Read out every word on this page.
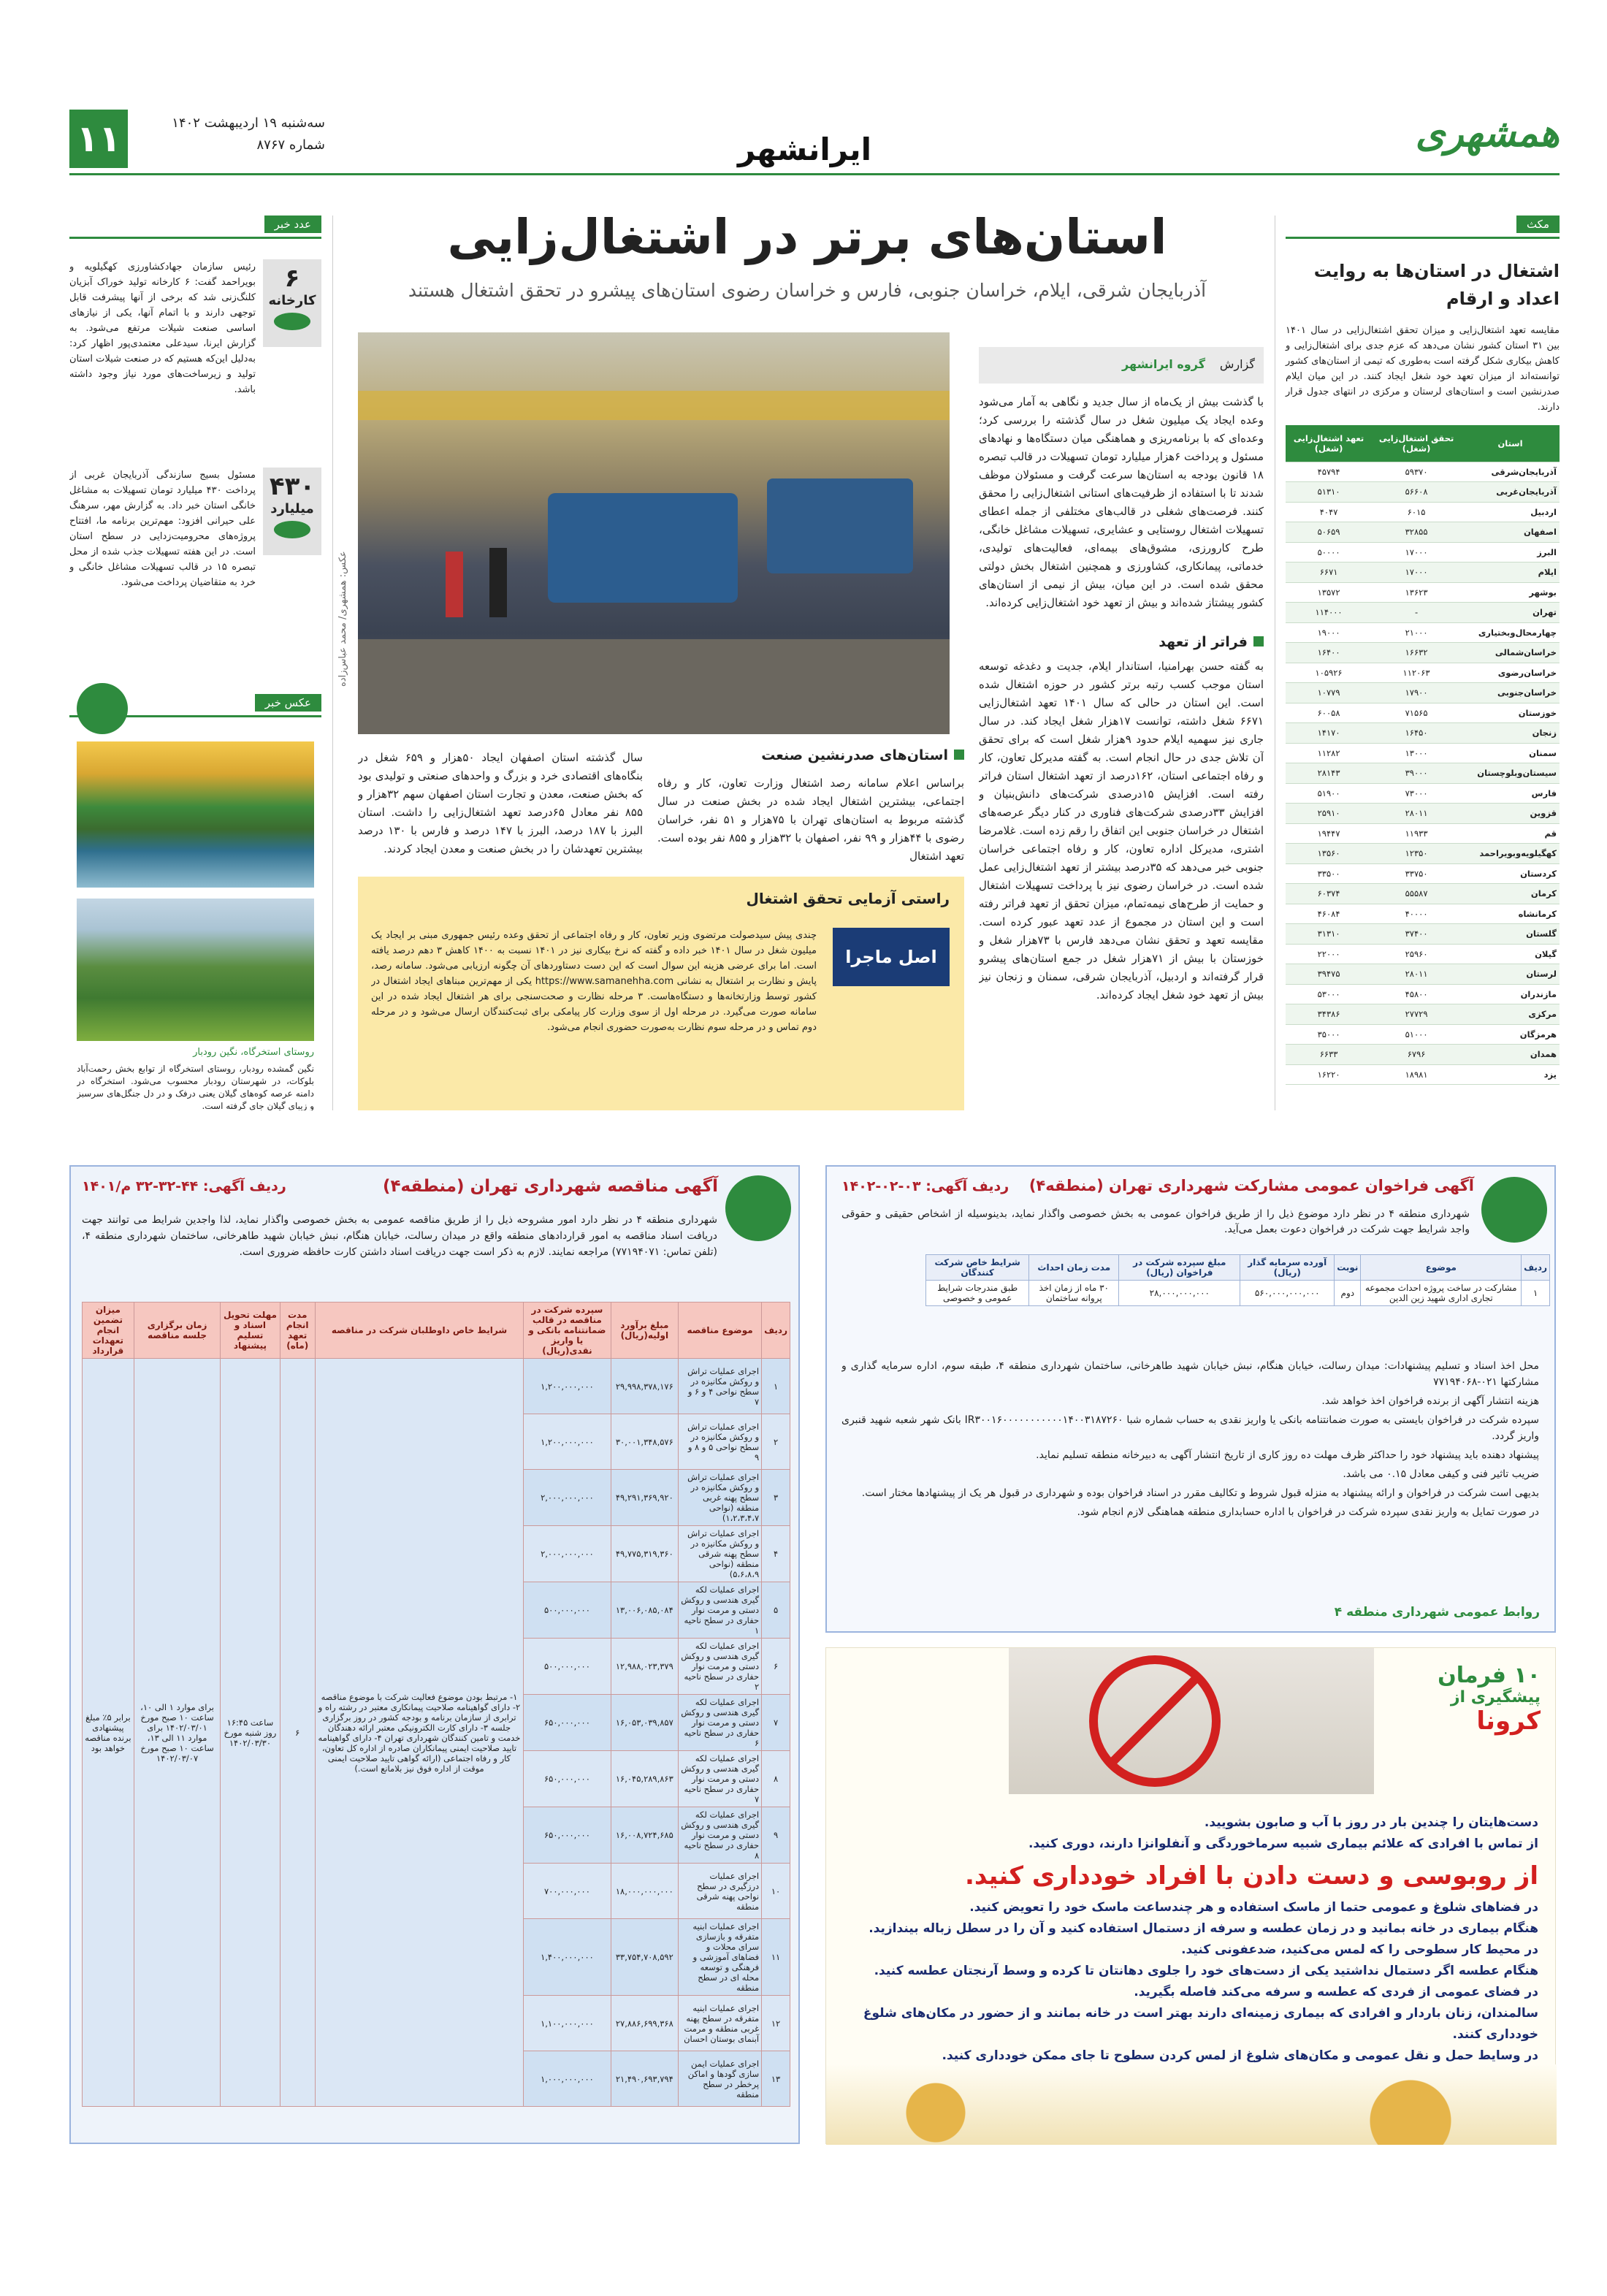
۱۱	سه‌شنبه ۱۹ اردیبهشت ۱۴۰۲
شماره ۸۷۶۷	همشهری
ایرانشهر
مکث
اشتغال در استان‌ها به روایت اعداد و ارقام
مقایسه تعهد اشتغال‌زایی و میزان تحقق اشتغال‌زایی در سال ۱۴۰۱ بین ۳۱ استان کشور نشان می‌دهد که عزم جدی برای اشتغال‌زایی و کاهش بیکاری شکل گرفته است به‌طوری که تیمی از استان‌های کشور توانسته‌اند از میزان تعهد خود شغل ایجاد کنند. در این میان ایلام صدرنشین است و استان‌های لرستان و مرکزی در انتهای جدول قرار دارند.
استان	تحقق اشتغال‌زایی (شغل)	تعهد اشتغال‌زایی (شغل)
آذربایجان‌شرقی	۵۹۳۷۰	۴۵۷۹۴
آذربایجان‌غربی	۵۶۶۰۸	۵۱۳۱۰
اردبیل	۶۰۱۵	۴۰۴۷
اصفهان	۳۲۸۵۵	۵۰۶۵۹
البرز	۱۷۰۰۰	۵۰۰۰۰
ایلام	۱۷۰۰۰	۶۶۷۱
بوشهر	۱۳۶۲۳	۱۳۵۷۲
تهران	-	۱۱۴۰۰۰
چهارمحال‌وبختیاری	۲۱۰۰۰	۱۹۰۰۰
خراسان‌شمالی	۱۶۶۳۲	۱۶۴۰۰
خراسان‌رضوی	۱۱۲۰۶۳	۱۰۵۹۲۶
خراسان‌جنوبی	۱۷۹۰۰	۱۰۷۷۹
خوزستان	۷۱۵۶۵	۶۰۰۵۸
زنجان	۱۶۴۵۰	۱۴۱۷۰
سمنان	۱۳۰۰۰	۱۱۲۸۲
سیستان‌وبلوچستان	۳۹۰۰۰	۲۸۱۴۳
فارس	۷۳۰۰۰	۵۱۹۰۰
قزوین	۲۸۰۱۱	۲۵۹۱۰
قم	۱۱۹۳۳	۱۹۴۴۷
کهگیلویه‌وبویراحمد	۱۲۳۵۰	۱۳۵۶۰
کردستان	۳۳۷۵۰	۳۳۵۰۰
کرمان	۵۵۵۸۷	۶۰۳۷۴
کرمانشاه	۴۰۰۰۰	۴۶۰۸۴
گلستان	۳۷۴۰۰	۳۱۳۱۰
گیلان	۲۵۹۶۰	۲۲۰۰۰
لرستان	۲۸۰۱۱	۳۹۴۷۵
مازندران	۴۵۸۰۰	۵۳۰۰۰
مرکزی	۲۷۷۲۹	۳۴۳۸۶
هرمزگان	۵۱۰۰۰	۳۵۰۰۰
همدان	۶۷۹۶	۶۶۳۳
یزد	۱۸۹۸۱	۱۶۲۲۰
استان‌های برتر در اشتغال‌زایی
آذربایجان شرقی، ایلام، خراسان جنوبی، فارس و خراسان رضوی استان‌های پیشرو در تحقق اشتغال هستند
عکس: همشهری/ محمد عباس‌زاده
گزارش
گروه ایرانشهر
با گذشت بیش از یک‌ماه از سال جدید و نگاهی به آمار می‌شود وعده ایجاد یک میلیون شغل در سال گذشته را بررسی کرد؛ وعده‌ای که با برنامه‌ریزی و هماهنگی میان دستگاه‌ها و نهادهای مسئول و پرداخت ۶هزار میلیارد تومان تسهیلات در قالب تبصره ۱۸ قانون بودجه به استان‌ها سرعت گرفت و مسئولان موظف شدند تا با استفاده از ظرفیت‌های استانی اشتغال‌زایی را محقق کنند. فرصت‌های شغلی در قالب‌های مختلفی از جمله اعطای تسهیلات اشتغال روستایی و عشایری، تسهیلات مشاغل خانگی، طرح کارورزی، مشوق‌های بیمه‌ای، فعالیت‌های تولیدی، خدماتی، پیمانکاری، کشاورزی و همچنین اشتغال بخش دولتی محقق شده است. در این میان، بیش از نیمی از استان‌های کشور پیشتاز شده‌اند و بیش از تعهد خود اشتغال‌زایی کرده‌اند.
فراتر از تعهد
به گفته حسن بهرامنیا، استاندار ایلام، جدیت و دغدغه توسعه استان موجب کسب رتبه برتر کشور در حوزه اشتغال شده است. این استان در حالی که سال ۱۴۰۱ تعهد اشتغال‌زایی ۶۶۷۱ شغل داشته، توانست ۱۷هزار شغل ایجاد کند. در سال جاری نیز سهمیه ایلام حدود ۹هزار شغل است که برای تحقق آن تلاش جدی در حال انجام است. به گفته مدیرکل تعاون، کار و رفاه اجتماعی استان، ۱۶۲درصد از تعهد اشتغال استان فراتر رفته است. افزایش ۱۵درصدی شرکت‌های دانش‌بنیان و افزایش ۳۳درصدی شرکت‌های فناوری در کنار دیگر عرصه‌های اشتغال در خراسان جنوبی این اتفاق را رقم زده است. غلامرضا اشتری، مدیرکل اداره تعاون، کار و رفاه اجتماعی خراسان جنوبی خبر می‌دهد که ۳۵درصد بیشتر از تعهد اشتغال‌زایی عمل شده است. در خراسان رضوی نیز با پرداخت تسهیلات اشتغال و حمایت از طرح‌های نیمه‌تمام، میزان تحقق از تعهد فراتر رفته است و این استان در مجموع از عدد تعهد عبور کرده است. مقایسه تعهد و تحقق نشان می‌دهد فارس با ۷۳هزار شغل و خوزستان با بیش از ۷۱هزار شغل در جمع استان‌های پیشرو قرار گرفته‌اند و اردبیل، آذربایجان شرقی، سمنان و زنجان نیز بیش از تعهد خود شغل ایجاد کرده‌اند.
استان‌های صدرنشین صنعت
براساس اعلام سامانه رصد اشتغال وزارت تعاون، کار و رفاه اجتماعی، بیشترین اشتغال ایجاد شده در بخش صنعت در سال گذشته مربوط به استان‌های تهران با ۷۵هزار و ۵۱ نفر، خراسان رضوی با ۴۴هزار و ۹۹ نفر، اصفهان با ۳۲هزار و ۸۵۵ نفر بوده است. تعهد اشتغال
سال گذشته استان اصفهان ایجاد ۵۰هزار و ۶۵۹ شغل در بنگاه‌های اقتصادی خرد و بزرگ و واحدهای صنعتی و تولیدی بود که بخش صنعت، معدن و تجارت استان اصفهان سهم ۳۲هزار و ۸۵۵ نفر معادل ۶۵درصد تعهد اشتغال‌زایی را داشت. استان البرز با ۱۸۷ درصد، البرز با ۱۴۷ درصد و فارس با ۱۳۰ درصد بیشترین تعهدشان را در بخش صنعت و معدن ایجاد کردند.
راستی آزمایی تحقق اشتغال
اصل ماجرا
چندی پیش سید‌صولت مرتضوی وزیر تعاون، کار و رفاه اجتماعی از تحقق وعده رئیس جمهوری مبنی بر ایجاد یک میلیون شغل در سال ۱۴۰۱ خبر داده و گفته که نرخ بیکاری نیز در ۱۴۰۱ نسبت به ۱۴۰۰ کاهش ۳ دهم درصد یافته است. اما برای عرضی هزینه این سوال است که این دست دستاوردهای آن چگونه ارزیابی می‌شود. سامانه رصد، پایش و نظارت بر اشتغال به نشانی https://www.samanehha.com یکی از مهم‌ترین مبناهای ایجاد اشتغال در کشور توسط وزارتخانه‌ها و دستگاه‌هاست. ۳ مرحله نظارت و صحت‌سنجی برای هر اشتغال ایجاد شده در این سامانه صورت می‌گیرد. در مرحله اول از سوی وزارت کار پیامکی برای ثبت‌کنندگان ارسال می‌شود و در مرحله دوم تماس و در مرحله سوم نظارت به‌صورت حضوری انجام می‌شود.
عدد خبر
۶
کارخانه
رئیس سازمان جهادکشاورزی کهگیلویه و بویراحمد گفت: ۶ کارخانه تولید خوراک آبزیان کلنگ‌زنی شد که برخی از آنها پیشرفت قابل توجهی دارند و با اتمام آنها، یکی از نیازهای اساسی صنعت شیلات مرتفع می‌شود. به گزارش ایرنا، سیدعلی معتمدی‌پور اظهار کرد: به‌دلیل این‌که هستیم که در صنعت شیلات استان تولید و زیرساخت‌های مورد نیاز وجود داشته باشد.
۴۳۰
میلیارد
مسئول بسیج سازندگی آذربایجان غربی از پرداخت ۴۳۰ میلیارد تومان تسهیلات به مشاغل خانگی استان خبر داد. به گزارش مهر، سرهنگ علی حیرانی افزود: مهم‌ترین برنامه ما، افتتاح پروژه‌های محرومیت‌زدایی در سطح استان است. در این هفته تسهیلات جذب شده از محل تبصره ۱۵ در قالب تسهیلات مشاغل خانگی و خرد به متقاضیان پرداخت می‌شود.
عکس خبر
روستای استخرگاه، نگین رودبار
نگین گمشده رودبار، روستای استخرگاه از توابع بخش رحمت‌آباد بلوکات، در شهرستان رودبار محسوب می‌شود. استخرگاه در دامنه عرصه کوه‌های گیلان یعنی درفک و در دل جنگل‌های سرسبز و زیبای گیلان جای گرفته است.
آگهی فراخوان عمومی مشارکت شهرداری تهران (منطقه۴)
ردیف آگهی: ۰۳-۰۲-۱۴۰۲
شهرداری منطقه ۴ در نظر دارد موضوع ذیل را از طریق فراخوان عمومی به بخش خصوصی واگذار نماید، بدینوسیله از اشخاص حقیقی و حقوقی واجد شرایط جهت شرکت در فراخوان دعوت بعمل می‌آید.
ردیف	موضوع	نوبت	آورده سرمایه گذار (ریال)	مبلغ سپرده شرکت در فراخوان (ریال)	مدت زمان احداث	شرایط خاص شرکت کنندگان
۱	مشارکت در ساخت پروژه احداث مجموعه تجاری اداری شهید زین الدین	دوم	۵۶۰,۰۰۰,۰۰۰,۰۰۰	۲۸,۰۰۰,۰۰۰,۰۰۰	۳۰ ماه از زمان اخذ پروانه ساختمان	طبق مندرجات شرایط عمومی و خصوصی
محل اخذ اسناد و تسلیم پیشنهادات: میدان رسالت، خیابان هنگام، نبش خیابان شهید طاهرخانی، ساختمان شهرداری منطقه ۴، طبقه سوم، اداره سرمایه گذاری و مشارکتها ۰۲۱-۷۷۱۹۴۰۶۸
هزینه انتشار آگهی از برنده فراخوان اخذ خواهد شد.
سپرده شرکت در فراخوان بایستی به صورت ضمانتنامه بانکی یا واریز نقدی به حساب شماره شبا IR۳۰۰۱۶۰۰۰۰۰۰۰۰۰۰۰۱۴۰۰۳۱۸۷۲۶۰ بانک شهر شعبه شهید قنبری واریز گردد.
پیشنهاد دهنده باید پیشنهاد خود را حداکثر ظرف مهلت ده روز کاری از تاریخ انتشار آگهی به دبیرخانه منطقه تسلیم نماید.
ضریب تاثیر فنی و کیفی معادل ۰.۱۵ می باشد.
بدیهی است شرکت در فراخوان و ارائه پیشنهاد به منزله قبول شروط و تکالیف مقرر در اسناد فراخوان بوده و شهرداری در قبول هر یک از پیشنهادها مختار است.
در صورت تمایل به واریز نقدی سپرده شرکت در فراخوان با اداره حسابداری منطقه هماهنگی لازم انجام شود.
روابط عمومی شهرداری منطقه ۴
۱۰ فرمان
پیشگیری از
کرونا
دست‌هایتان را چندین بار در روز با آب و صابون بشویید.
از تماس با افرادی که علائم بیماری شبیه سرماخوردگی و آنفلوانزا دارند، دوری کنید.
از روبوسی و دست دادن با افراد خودداری کنید.
در فضاهای شلوغ و عمومی حتما از ماسک استفاده و هر چندساعت ماسک خود را تعویض کنید.
هنگام بیماری در خانه بمانید و در زمان عطسه و سرفه از دستمال استفاده کنید و آن را در سطل زباله بیندازید.
در محیط کار سطوحی را که لمس می‌کنید، ضدعفونی کنید.
هنگام عطسه اگر دستمال نداشتید یکی از دست‌های خود را جلوی دهانتان تا کرده و وسط آرنجتان عطسه کنید.
در فضای عمومی از فردی که عطسه و سرفه می‌کند فاصله بگیرید.
سالمندان، زنان باردار و افرادی که بیماری زمینه‌ای دارند بهتر است در خانه بمانند و از حضور در مکان‌های شلوغ خودداری کنند.
در وسایط حمل و نقل عمومی و مکان‌های شلوغ از لمس کردن سطوح تا جای ممکن خودداری کنید.
آگهی مناقصه شهرداری تهران (منطقه۴)
ردیف آگهی: ۴۴-۳۲-۳۲ م/۱۴۰۱
شهرداری منطقه ۴ در نظر دارد امور مشروحه ذیل را از طریق مناقصه عمومی به بخش خصوصی واگذار نماید، لذا واجدین شرایط می توانند جهت دریافت اسناد مناقصه به امور قراردادهای منطقه واقع در میدان رسالت، خیابان هنگام، نبش خیابان شهید طاهرخانی، ساختمان شهرداری منطقه ۴، (تلفن تماس: ۷۷۱۹۴۰۷۱) مراجعه نمایند. لازم به ذکر است جهت دریافت اسناد داشتن کارت حافظه ضروری است.
ردیف	موضوع مناقصه	مبلغ برآورد اولیه(ریال)	سپرده شرکت در مناقصه در قالب ضمانتنامه بانکی و یا واریز نقدی(ریال)	شرایط خاص داوطلبان شرکت در مناقصه	مدت انجام تعهد (ماه)	مهلت تحویل اسناد و تسلیم پیشنهاد	زمان برگزاری جلسه مناقصه	میزان تضمین انجام تعهدات قرارداد
۱	اجرای عملیات تراش و روکش مکانیزه در سطح نواحی ۴ و ۶ و ۷	۲۹,۹۹۸,۳۷۸,۱۷۶	۱,۲۰۰,۰۰۰,۰۰۰	۱- مرتبط بودن موضوع فعالیت شرکت با موضوع مناقصه ۲- دارای گواهینامه صلاحیت پیمانکاری معتبر در رشته راه و ترابری از سازمان برنامه و بودجه کشور در روز برگزاری جلسه ۳- دارای کارت الکترونیکی معتبر ارائه دهندگان خدمت و تامین کنندگان شهرداری تهران ۴- دارای گواهینامه تایید صلاحیت ایمنی پیمانکاران صادره از اداره کل تعاون، کار و رفاه اجتماعی (ارائه گواهی تایید صلاحیت ایمنی موقت از اداره فوق نیز بلامانع است.)	۶	ساعت ۱۶:۴۵ روز شنبه مورخ ۱۴۰۲/۰۳/۳۰	برای موارد ۱ الی ۱۰، ساعت ۱۰ صبح مورخ ۱۴۰۲/۰۳/۰۱ برای موارد ۱۱ الی ۱۳، ساعت ۱۰ صبح مورخ ۱۴۰۲/۰۳/۰۷	برابر ۵٪ مبلغ پیشنهادی برنده مناقصه خواهد بود
۲	اجرای عملیات تراش و روکش مکانیزه در سطح نواحی ۵ و ۸ و ۹	۳۰,۰۰۱,۳۴۸,۵۷۶	۱,۲۰۰,۰۰۰,۰۰۰					
۳	اجرای عملیات تراش و روکش مکانیزه در سطح پهنه غربی منطقه (نواحی ۱،۲،۳،۴،۷)	۴۹,۲۹۱,۳۶۹,۹۲۰	۲,۰۰۰,۰۰۰,۰۰۰					
۴	اجرای عملیات تراش و روکش مکانیزه در سطح پهنه شرقی منطقه (نواحی ۵،۶،۸،۹)	۴۹,۷۷۵,۳۱۹,۳۶۰	۲,۰۰۰,۰۰۰,۰۰۰					
۵	اجرای عملیات لکه گیری هندسی و روکش دستی و مرمت نوار حفاری در سطح ناحیه ۱	۱۳,۰۰۶,۰۸۵,۰۸۴	۵۰۰,۰۰۰,۰۰۰					
۶	اجرای عملیات لکه گیری هندسی و روکش دستی و مرمت نوار حفاری در سطح ناحیه ۲	۱۲,۹۸۸,۰۲۳,۳۷۹	۵۰۰,۰۰۰,۰۰۰					
۷	اجرای عملیات لکه گیری هندسی و روکش دستی و مرمت نوار حفاری در سطح ناحیه ۶	۱۶,۰۵۳,۰۳۹,۸۵۷	۶۵۰,۰۰۰,۰۰۰					
۸	اجرای عملیات لکه گیری هندسی و روکش دستی و مرمت نوار حفاری در سطح ناحیه ۷	۱۶,۰۴۵,۲۸۹,۸۶۳	۶۵۰,۰۰۰,۰۰۰					
۹	اجرای عملیات لکه گیری هندسی و روکش دستی و مرمت نوار حفاری در سطح ناحیه ۸	۱۶,۰۰۸,۷۲۴,۶۸۵	۶۵۰,۰۰۰,۰۰۰					
۱۰	اجرای عملیات درزگیری در سطح نواحی پهنه شرقی منطقه	۱۸,۰۰۰,۰۰۰,۰۰۰	۷۰۰,۰۰۰,۰۰۰					
۱۱	اجرای عملیات ابنیه متفرقه و بازسازی سرای محلات و فضاهای آموزشی و فرهنگی و توسعه محله ای در سطح منطقه	۳۳,۷۵۴,۷۰۸,۵۹۲	۱,۴۰۰,۰۰۰,۰۰۰					
۱۲	اجرای عملیات ابنیه متفرقه در سطح پهنه غربی منطقه و مرمت آبنمای بوستان احسان	۲۷,۸۸۶,۶۹۹,۳۶۸	۱,۱۰۰,۰۰۰,۰۰۰					
۱۳	اجرای عملیات ایمن سازی گودها و اماکن پرخطر در سطح منطقه	۲۱,۴۹۰,۶۹۳,۷۹۴	۱,۰۰۰,۰۰۰,۰۰۰					
